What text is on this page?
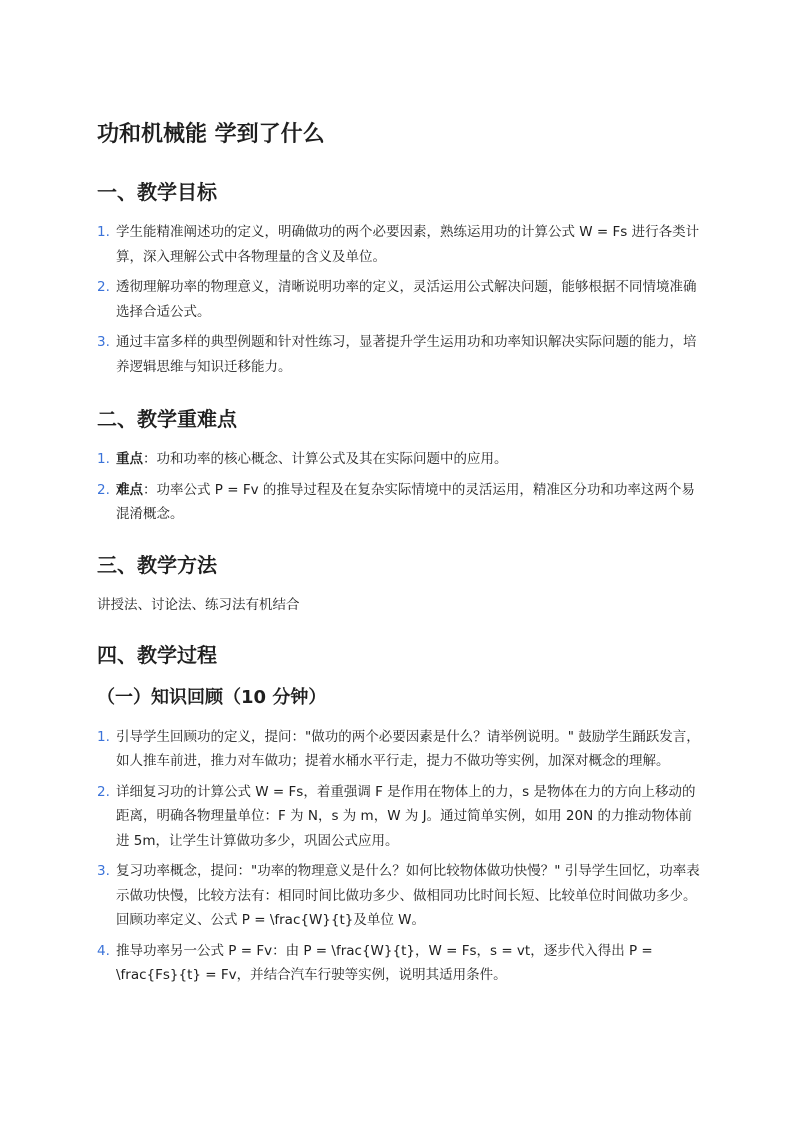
功和机械能 学到了什么
一、教学目标
1. 学生能精准阐述功的定义，明确做功的两个必要因素，熟练运用功的计算公式 W = Fs 进行各类计算，深入理解公式中各物理量的含义及单位。
2. 透彻理解功率的物理意义，清晰说明功率的定义，灵活运用公式解决问题，能够根据不同情境准确选择合适公式。
3. 通过丰富多样的典型例题和针对性练习，显著提升学生运用功和功率知识解决实际问题的能力，培养逻辑思维与知识迁移能力。
二、教学重难点
1. 重点：功和功率的核心概念、计算公式及其在实际问题中的应用。
2. 难点：功率公式 P = Fv 的推导过程及在复杂实际情境中的灵活运用，精准区分功和功率这两个易混淆概念。
三、教学方法

讲授法、讨论法、练习法有机结合

四、教学过程
（一）知识回顾（10 分钟）
1. 引导学生回顾功的定义，提问："做功的两个必要因素是什么？请举例说明。" 鼓励学生踊跃发言，如人推车前进，推力对车做功；提着水桶水平行走，提力不做功等实例，加深对概念的理解。
2. 详细复习功的计算公式 W = Fs，着重强调 F 是作用在物体上的力，s 是物体在力的方向上移动的距离，明确各物理量单位：F 为 N，s 为 m，W 为 J。通过简单实例，如用 20N 的力推动物体前进 5m，让学生计算做功多少，巩固公式应用。
3. 复习功率概念，提问："功率的物理意义是什么？如何比较物体做功快慢？" 引导学生回忆，功率表示做功快慢，比较方法有：相同时间比做功多少、做相同功比时间长短、比较单位时间做功多少。回顾功率定义、公式 P = \frac{W}{t}及单位 W。
4. 推导功率另一公式 P = Fv：由 P = \frac{W}{t}，W = Fs，s = vt，逐步代入得出 P = \frac{Fs}{t} = Fv，并结合汽车行驶等实例，说明其适用条件。
